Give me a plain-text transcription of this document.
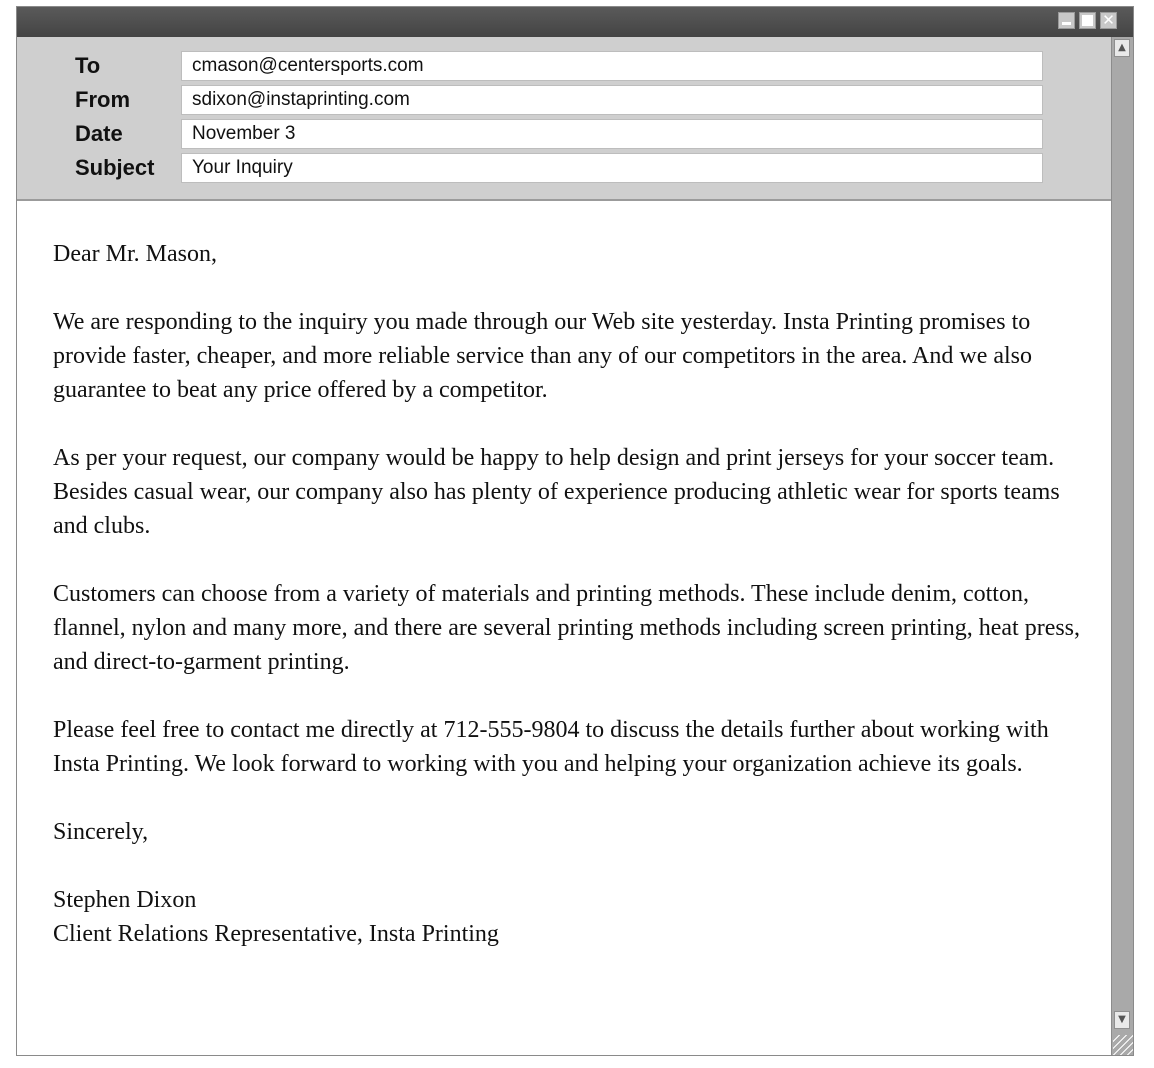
✕
To	cmason@centersports.com
From	sdixon@instaprinting.com
Date	November 3
Subject	Your Inquiry
▲
▼

Dear Mr. Mason,

We are responding to the inquiry you made through our Web site yesterday. Insta Printing promises to provide faster, cheaper, and more reliable service than any of our competitors in the area. And we also guarantee to beat any price offered by a competitor.

As per your request, our company would be happy to help design and print jerseys for your soccer team. Besides casual wear, our company also has plenty of experience producing athletic wear for sports teams and clubs.

Customers can choose from a variety of materials and printing methods. These include denim, cotton, flannel, nylon and many more, and there are several printing methods including screen printing, heat press, and direct-to-garment printing.

Please feel free to contact me directly at 712-555-9804 to discuss the details further about working with Insta Printing. We look forward to working with you and helping your organization achieve its goals.

Sincerely,

Stephen Dixon

Client Relations Representative, Insta Printing
